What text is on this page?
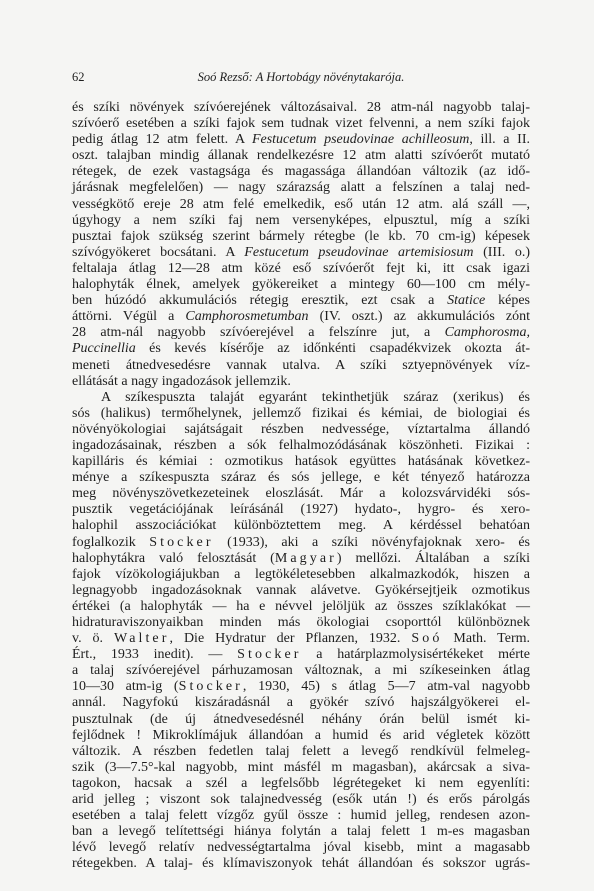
62	Soó Rezső: A Hortobágy növénytakarója.
és szíki növények szívóerejének változásaival. 28 atm-nál nagyobb talaj-
szívóerő esetében a szíki fajok sem tudnak vizet felvenni, a nem szíki fajok
pedig átlag 12 atm felett. A Festucetum pseudovinae achilleosum, ill. a II.
oszt. talajban mindig állanak rendelkezésre 12 atm alatti szívóerőt mutató
rétegek, de ezek vastagsága és magassága állandóan változik (az idő-
járásnak megfelelően) — nagy szárazság alatt a felszínen a talaj ned-
vességkötő ereje 28 atm felé emelkedik, eső után 12 atm. alá száll —,
úgyhogy a nem szíki faj nem versenyképes, elpusztul, míg a szíki
pusztai fajok szükség szerint bármely rétegbe (le kb. 70 cm-ig) képesek
szívógyökeret bocsátani. A Festucetum pseudovinae artemisiosum (III. o.)
feltalaja átlag 12—28 atm közé eső szívóerőt fejt ki, itt csak igazi
halophyták élnek, amelyek gyökereiket a mintegy 60—100 cm mély-
ben húzódó akkumulációs rétegig eresztik, ezt csak a Statice képes
áttörni. Végül a Camphorosmetumban (IV. oszt.) az akkumulációs zónt
28 atm-nál nagyobb szívóerejével a felszínre jut, a Camphorosma,
Puccinellia és kevés kísérője az időnkénti csapadékvizek okozta át-
meneti átnedvesedésre vannak utalva. A szíki sztyepnövények víz-
ellátását a nagy ingadozások jellemzik.
A szíkespuszta talaját egyaránt tekinthetjük száraz (xerikus) és
sós (halikus) termőhelynek, jellemző fizikai és kémiai, de biologiai és
növényökologiai sajátságait részben nedvessége, víztartalma állandó
ingadozásainak, részben a sók felhalmozódásának köszönheti. Fizikai :
kapilláris és kémiai : ozmotikus hatások együttes hatásának következ-
ménye a szíkespuszta száraz és sós jellege, e két tényező határozza
meg növényszövetkezeteinek eloszlását. Már a kolozsvárvidéki sós-
pusztik vegetációjának leírásánál (1927) hydato-, hygro- és xero-
halophil asszociációkat különböztettem meg. A kérdéssel behatóan
foglalkozik Stocker (1933), aki a szíki növényfajoknak xero- és
halophytákra való felosztását (Magyar) mellőzi. Általában a szíki
fajok vízökologiájukban a legtökéletesebben alkalmazkodók, hiszen a
legnagyobb ingadozásoknak vannak alávetve. Gyökérsejtjeik ozmotikus
értékei (a halophyták — ha e névvel jelöljük az összes szíklakókat —
hidraturaviszonyaikban minden más ökologiai csoporttól különböznek
v. ö. Walter, Die Hydratur der Pflanzen, 1932. Soó Math. Term.
Ért., 1933 inedit). — Stocker a határplazmolysisértékeket mérte
a talaj szívóerejével párhuzamosan változnak, a mi szíkeseinken átlag
10—30 atm-ig (Stocker, 1930, 45) s átlag 5—7 atm-val nagyobb
annál. Nagyfokú kiszáradásnál a gyökér szívó hajszálgyökerei el-
pusztulnak (de új átnedvesedésnél néhány órán belül ismét ki-
fejlődnek ! Mikroklímájuk állandóan a humid és arid végletek között
változik. A részben fedetlen talaj felett a levegő rendkívül felmeleg-
szik (3—7.5°-kal nagyobb, mint másfél m magasban), akárcsak a siva-
tagokon, hacsak a szél a legfelsőbb légrétegeket ki nem egyenlíti:
arid jelleg ; viszont sok talajnedvesség (esők után !) és erős párolgás
esetében a talaj felett vízgőz gyűl össze : humid jelleg, rendesen azon-
ban a levegő telítettségi hiánya folytán a talaj felett 1 m-es magasban
lévő levegő relatív nedvességtartalma jóval kisebb, mint a magasabb
rétegekben. A talaj- és klímaviszonyok tehát állandóan és sokszor ugrás-
